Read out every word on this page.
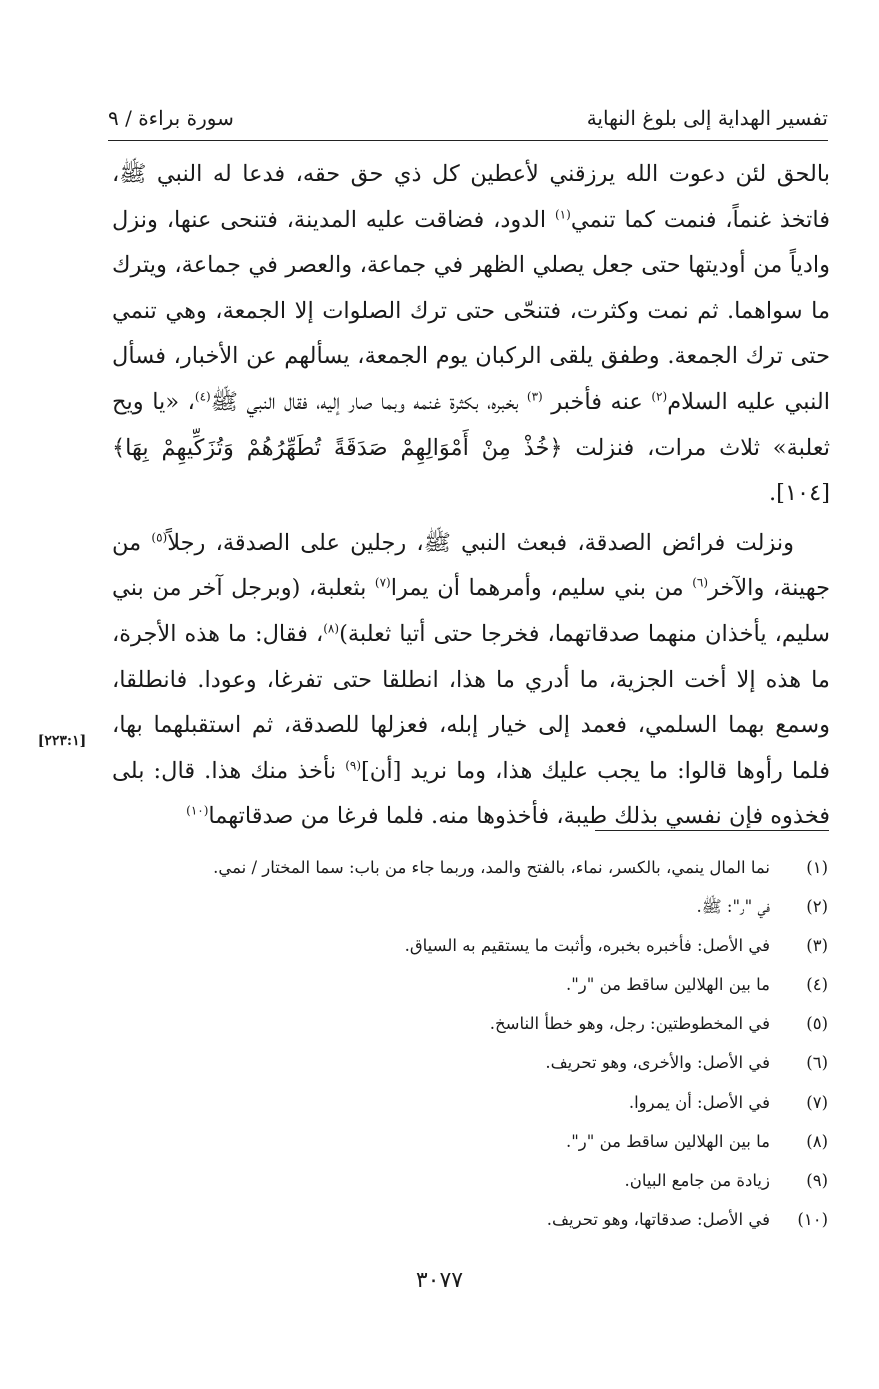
تفسير الهداية إلى بلوغ النهاية
سورة براءة / ٩

بالحق لئن دعوت الله يرزقني لأعطين كل ذي حق حقه، فدعا له النبي ﷺ، فاتخذ غنماً، فنمت كما تنمي$^{(١)}$ الدود، فضاقت عليه المدينة، فتنحى عنها، ونزل وادياً من أوديتها حتى جعل يصلي الظهر في جماعة، والعصر في جماعة، ويترك ما سواهما. ثم نمت وكثرت، فتنحّى حتى ترك الصلوات إلا الجمعة، وهي تنمي حتى ترك الجمعة. وطفق يلقى الركبان يوم الجمعة، يسألهم عن الأخبار، فسأل النبي عليه السلام$^{(٢)}$ عنه فأخبر $^{(٣)}$ بخبره، بكثرة غنمه وبما صار إليه، فقال النبي ﷺ$^{(٤)}$، «يا ويح ثعلبة» ثلاث مرات، فنزلت ﴿خُذْ مِنْ أَمْوَالِهِمْ صَدَقَةً تُطَهِّرُهُمْ وَتُزَكِّيهِمْ بِهَا﴾ [١٠٤].

ونزلت فرائض الصدقة، فبعث النبي ﷺ، رجلين على الصدقة، رجلاً$^{(٥)}$ من جهينة، والآخر$^{(٦)}$ من بني سليم، وأمرهما أن يمرا$^{(٧)}$ بثعلبة، (وبرجل آخر من بني سليم، يأخذان منهما صدقاتهما، فخرجا حتى أتيا ثعلبة)$^{(٨)}$، فقال: ما هذه الأجرة، ما هذه إلا أخت الجزية، ما أدري ما هذا، انطلقا حتى تفرغا، وعودا. فانطلقا، وسمع بهما السلمي، فعمد إلى خيار إبله، فعزلها للصدقة، ثم استقبلهما بها، فلما رأوها قالوا: ما يجب عليك هذا، وما نريد [أن]$^{(٩)}$ نأخذ منك هذا. قال: بلى فخذوه فإن نفسي بذلك طيبة، فأخذوها منه. فلما فرغا من صدقاتهما$^{(١٠)}$

[٢٢٣:١]
(١)
نما المال ينمي، بالكسر، نماء، بالفتح والمد، وربما جاء من باب: سما المختار / نمي.
(٢)
في "ر": ﷺ.
(٣)
في الأصل: فأخبره بخبره، وأثبت ما يستقيم به السياق.
(٤)
ما بين الهلالين ساقط من "ر".
(٥)
في المخطوطتين: رجل، وهو خطأ الناسخ.
(٦)
في الأصل: والأخرى، وهو تحريف.
(٧)
في الأصل: أن يمروا.
(٨)
ما بين الهلالين ساقط من "ر".
(٩)
زيادة من جامع البيان.
(١٠)
في الأصل: صدقاتها، وهو تحريف.
٣٠٧٧
